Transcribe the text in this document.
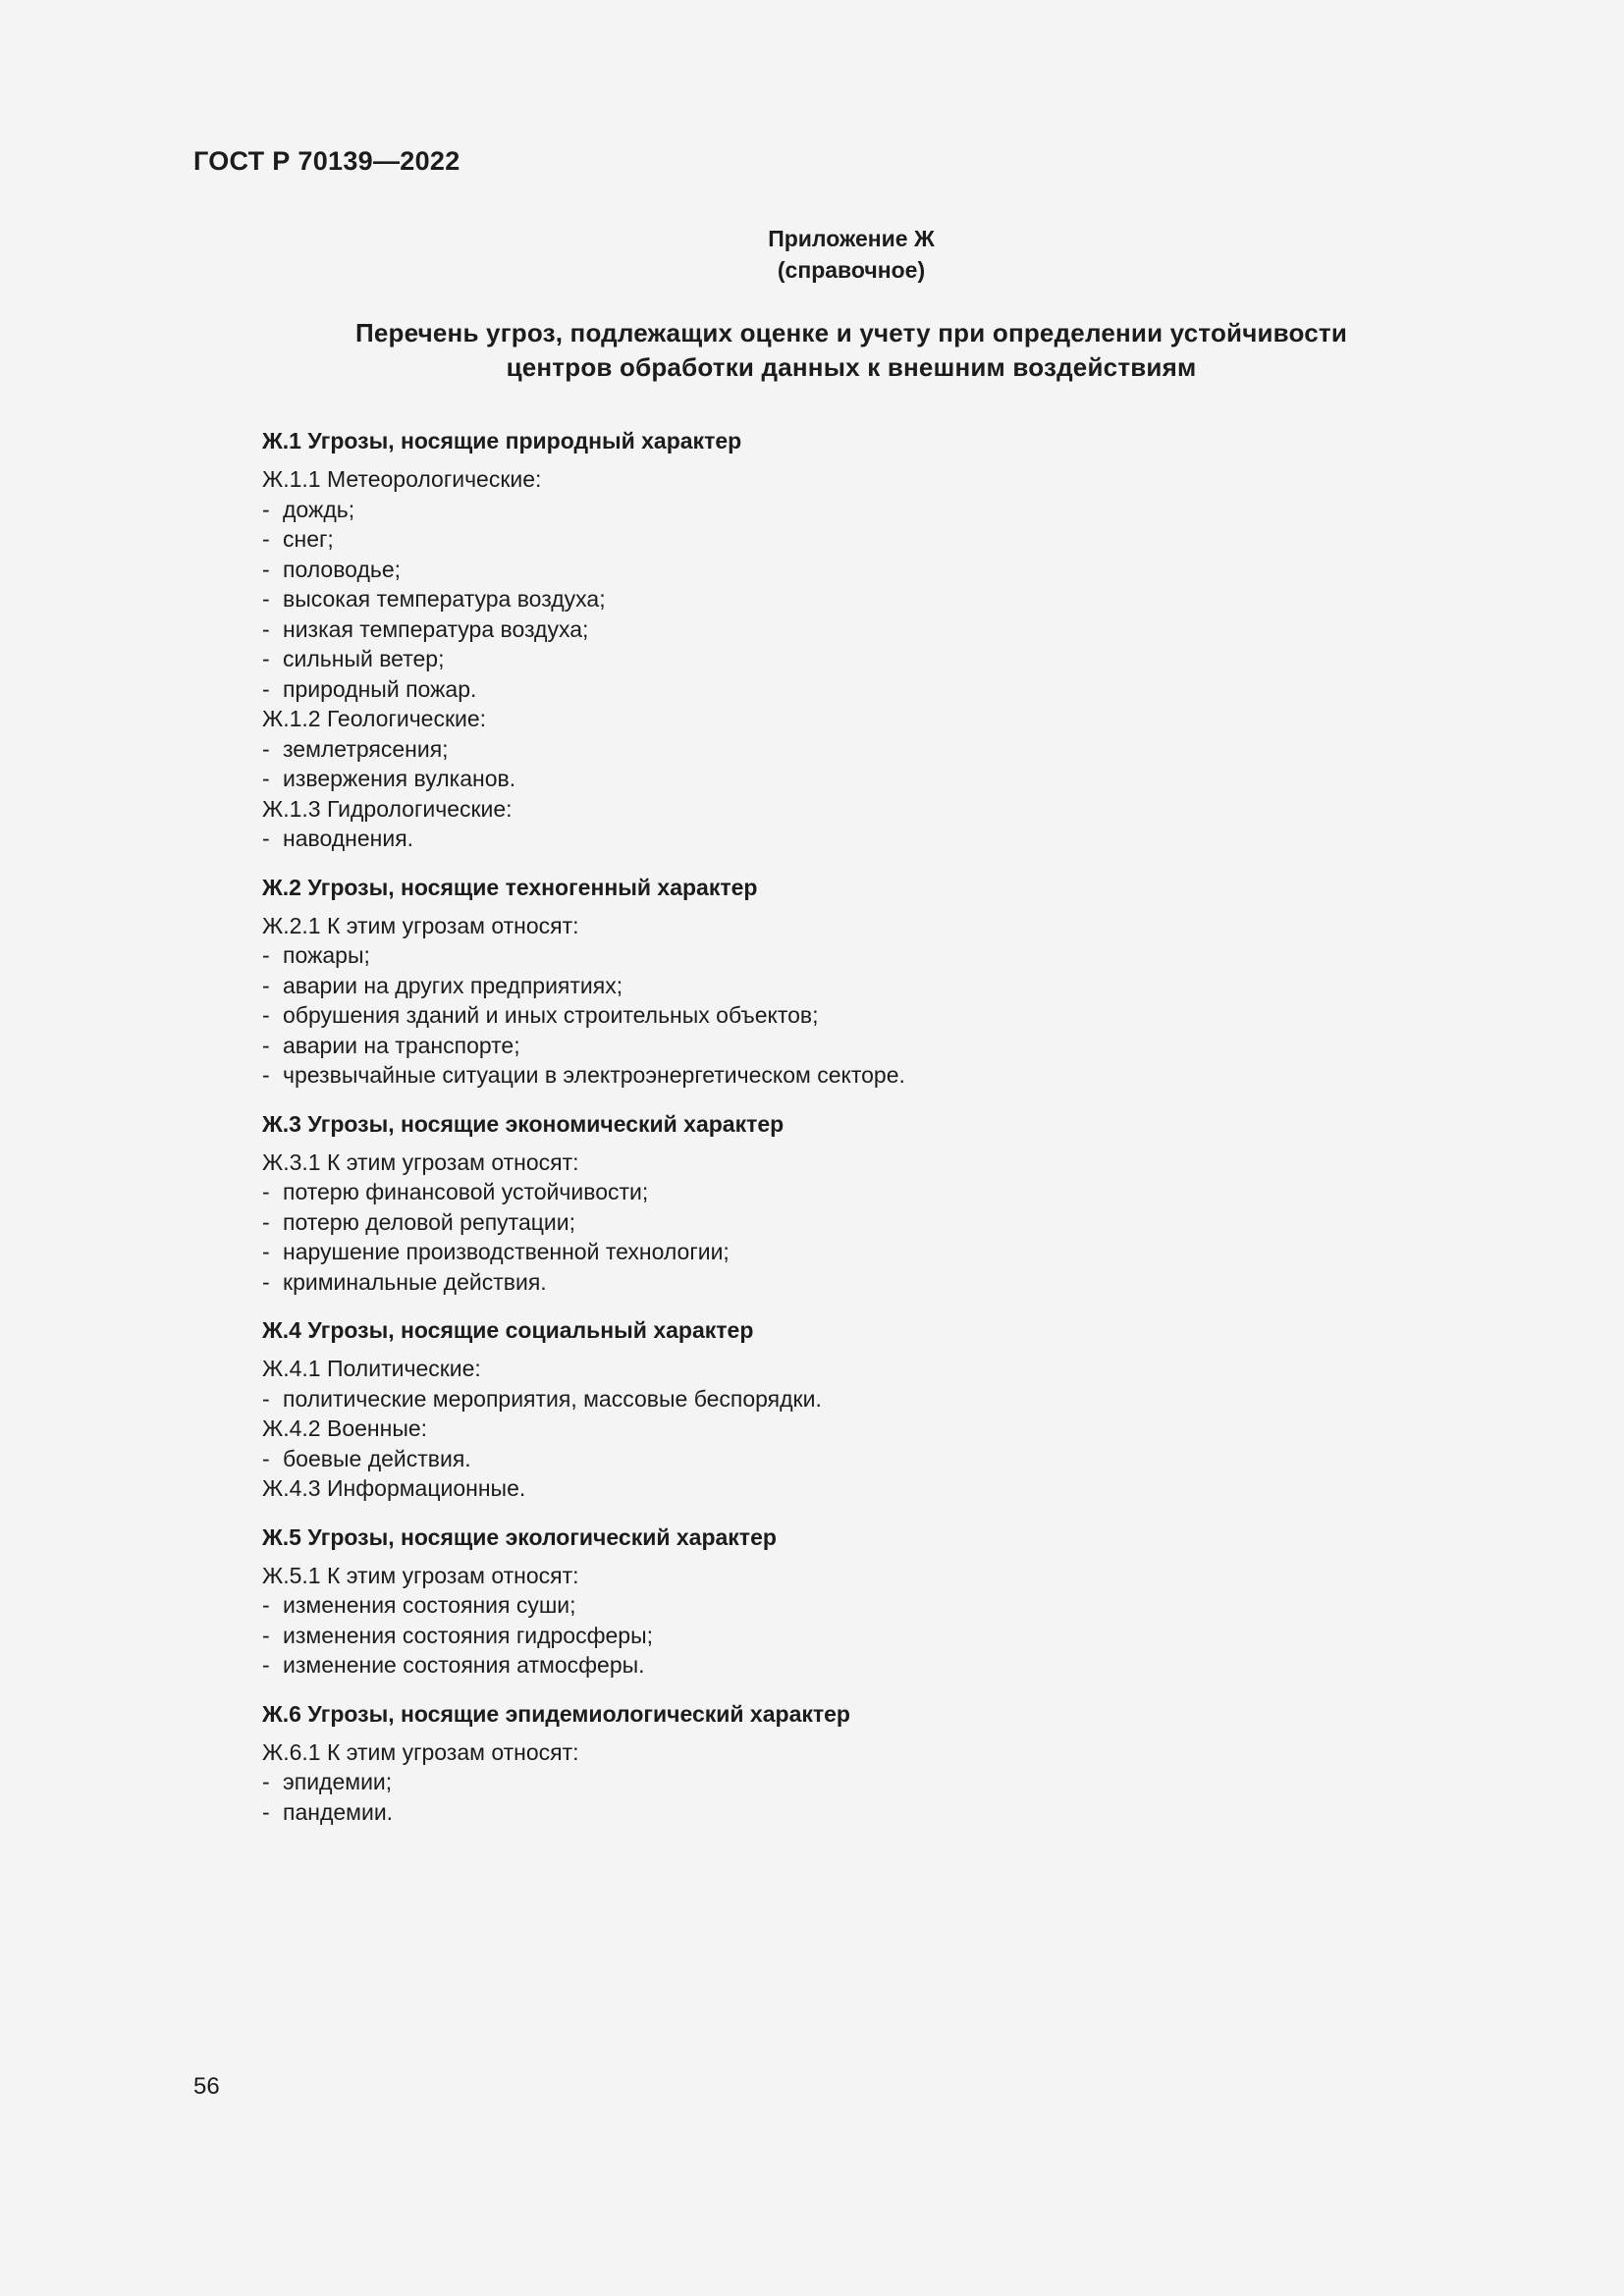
ГОСТ Р 70139—2022

Приложение Ж

(справочное)

Перечень угроз, подлежащих оценке и учету при определении устойчивости
центров обработки данных к внешним воздействиям
Ж.1 Угрозы, носящие природный характер

Ж.1.1 Метеорологические:

- дождь;

- снег;

- половодье;

- высокая температура воздуха;

- низкая температура воздуха;

- сильный ветер;

- природный пожар.

Ж.1.2 Геологические:

- землетрясения;

- извержения вулканов.

Ж.1.3 Гидрологические:

- наводнения.

Ж.2 Угрозы, носящие техногенный характер

Ж.2.1 К этим угрозам относят:

- пожары;

- аварии на других предприятиях;

- обрушения зданий и иных строительных объектов;

- аварии на транспорте;

- чрезвычайные ситуации в электроэнергетическом секторе.

Ж.3 Угрозы, носящие экономический характер

Ж.3.1 К этим угрозам относят:

- потерю финансовой устойчивости;

- потерю деловой репутации;

- нарушение производственной технологии;

- криминальные действия.

Ж.4 Угрозы, носящие социальный характер

Ж.4.1 Политические:

- политические мероприятия, массовые беспорядки.

Ж.4.2 Военные:

- боевые действия.

Ж.4.3 Информационные.

Ж.5 Угрозы, носящие экологический характер

Ж.5.1 К этим угрозам относят:

- изменения состояния суши;

- изменения состояния гидросферы;

- изменение состояния атмосферы.

Ж.6 Угрозы, носящие эпидемиологический характер

Ж.6.1 К этим угрозам относят:

- эпидемии;

- пандемии.

56
